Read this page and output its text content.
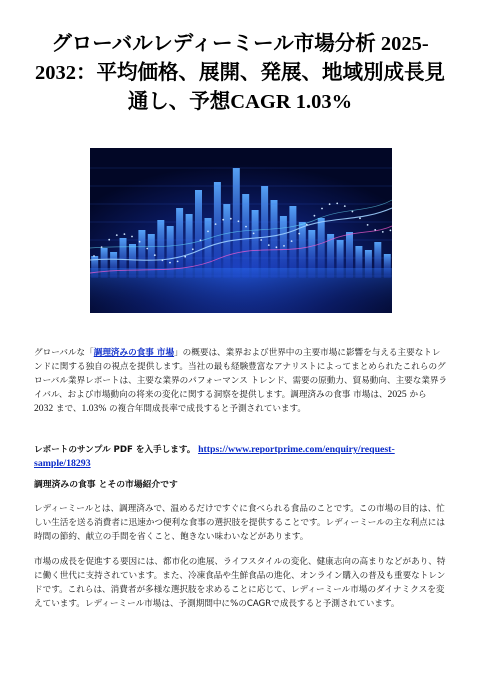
グローバルレディーミール市場分析 2025-2032：平均価格、展開、発展、地域別成長見通し、予想CAGR 1.03%

グローバルな「調理済みの食事 市場」の概要は、業界および世界中の主要市場に影響を与える主要なトレンドに関する独自の視点を提供します。当社の最も経験豊富なアナリストによってまとめられたこれらのグローバル業界レポートは、主要な業界のパフォーマンス トレンド、需要の原動力、貿易動向、主要な業界ライバル、および市場動向の将来の変化に関する洞察を提供します。調理済みの食事 市場は、2025 から 2032 まで、1.03% の複合年間成長率で成長すると予測されています。

レポートのサンプル PDF を入手します。 https://www.reportprime.com/enquiry/request-sample/18293

調理済みの食事 とその市場紹介です

レディーミールとは、調理済みで、温めるだけですぐに食べられる食品のことです。この市場の目的は、忙しい生活を送る消費者に迅速かつ便利な食事の選択肢を提供することです。レディーミールの主な利点には時間の節約、献立の手間を省くこと、飽きない味わいなどがあります。

市場の成長を促進する要因には、都市化の進展、ライフスタイルの変化、健康志向の高まりなどがあり、特に働く世代に支持されています。また、冷凍食品や生鮮食品の進化、オンライン購入の普及も重要なトレンドです。これらは、消費者が多様な選択肢を求めることに応じて、レディーミール市場のダイナミクスを変えています。レディーミール市場は、予測期間中に%のCAGRで成長すると予測されています。
